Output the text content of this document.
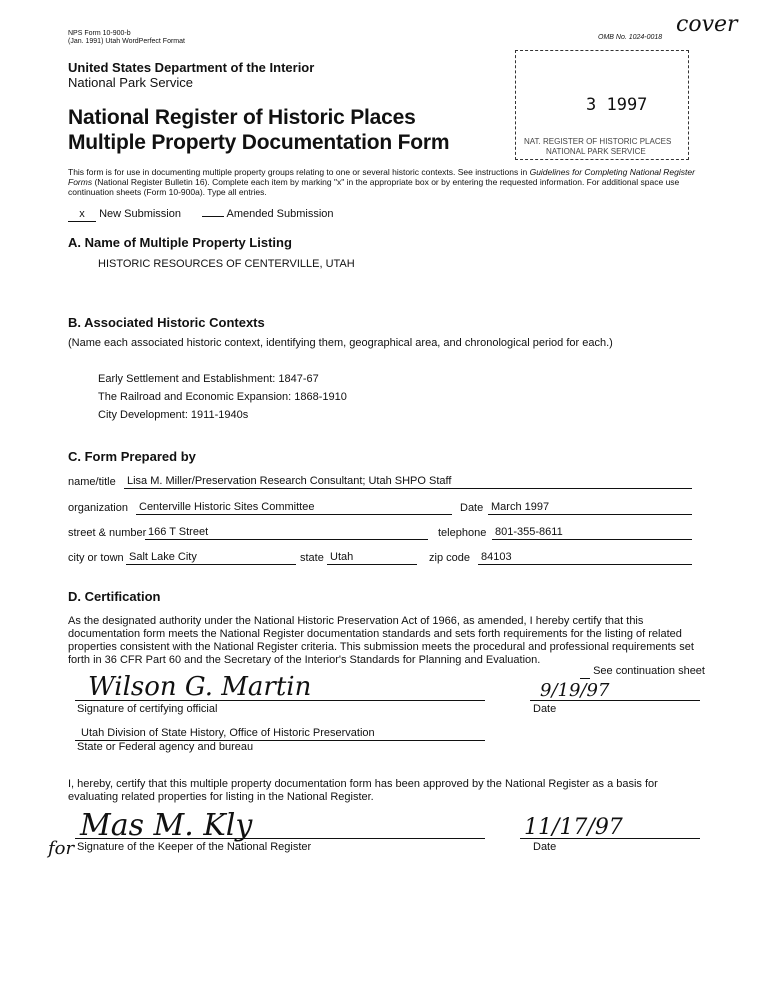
NPS Form 10-900-b
(Jan. 1991) Utah WordPerfect Format
OMB No. 1024-0018
cover
United States Department of the Interior
National Park Service
3 1997
NAT. REGISTER OF HISTORIC PLACES
NATIONAL PARK SERVICE
National Register of Historic Places
Multiple Property Documentation Form
This form is for use in documenting multiple property groups relating to one or several historic contexts. See instructions in Guidelines for Completing National Register Forms (National Register Bulletin 16). Complete each item by marking "x" in the appropriate box or by entering the requested information. For additional space use continuation sheets (Form 10-900a). Type all entries.
x New Submission	Amended Submission
A. Name of Multiple Property Listing
HISTORIC RESOURCES OF CENTERVILLE, UTAH
B. Associated Historic Contexts
(Name each associated historic context, identifying them, geographical area, and chronological period for each.)
Early Settlement and Establishment: 1847-67
The Railroad and Economic Expansion: 1868-1910
City Development: 1911-1940s
C. Form Prepared by
name/title Lisa M. Miller/Preservation Research Consultant; Utah SHPO Staff
organization Centerville Historic Sites Committee	Date March 1997
street & number 166 T Street	telephone 801-355-8611
city or town Salt Lake City	state Utah	zip code 84103
D. Certification
As the designated authority under the National Historic Preservation Act of 1966, as amended, I hereby certify that this documentation form meets the National Register documentation standards and sets forth requirements for the listing of related properties consistent with the National Register criteria. This submission meets the procedural and professional requirements set forth in 36 CFR Part 60 and the Secretary of the Interior's Standards for Planning and Evaluation.
See continuation sheet
Wilson G. Martin
Signature of certifying official
9/19/97
Date
Utah Division of State History, Office of Historic Preservation
State or Federal agency and bureau
I, hereby, certify that this multiple property documentation form has been approved by the National Register as a basis for evaluating related properties for listing in the National Register.
for
Mas M. Kly
Signature of the Keeper of the National Register
11/17/97
Date
